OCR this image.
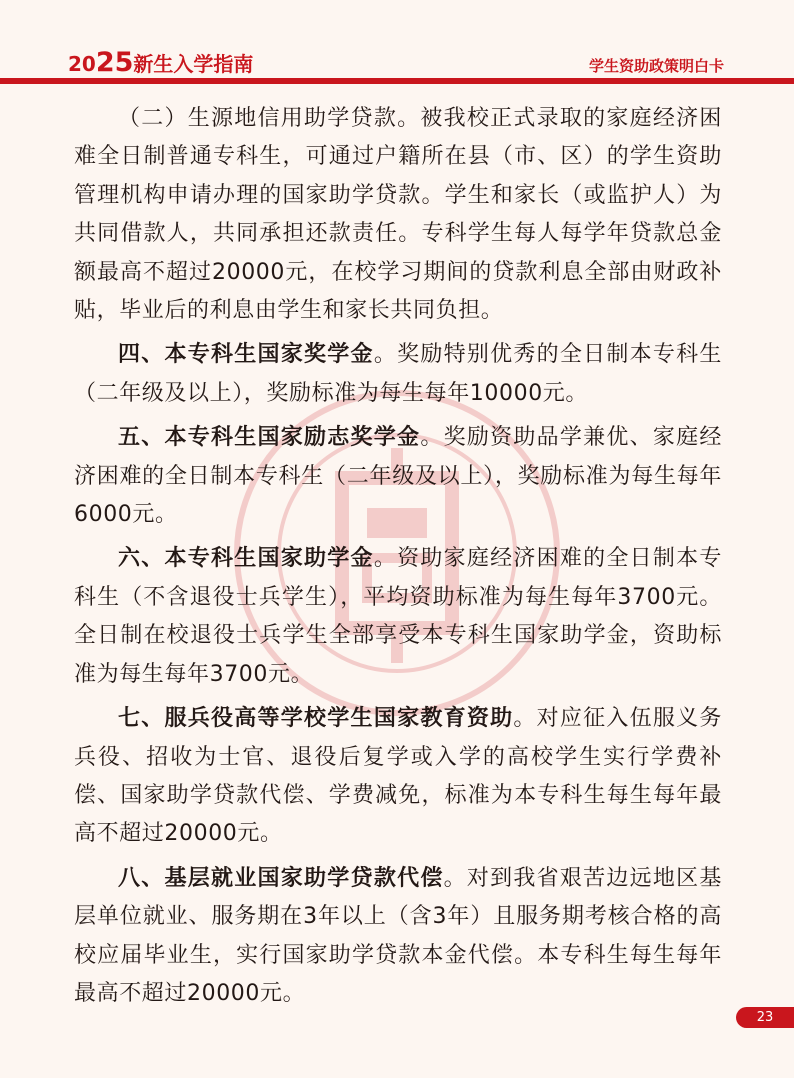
2025新生入学指南	学生资助政策明白卡

（二）生源地信用助学贷款。被我校正式录取的家庭经济困难全日制普通专科生，可通过户籍所在县（市、区）的学生资助管理机构申请办理的国家助学贷款。学生和家长（或监护人）为共同借款人，共同承担还款责任。专科学生每人每学年贷款总金额最高不超过20000元，在校学习期间的贷款利息全部由财政补贴，毕业后的利息由学生和家长共同负担。

四、本专科生国家奖学金。奖励特别优秀的全日制本专科生（二年级及以上），奖励标准为每生每年10000元。

五、本专科生国家励志奖学金。奖励资助品学兼优、家庭经济困难的全日制本专科生（二年级及以上），奖励标准为每生每年6000元。

六、本专科生国家助学金。资助家庭经济困难的全日制本专科生（不含退役士兵学生），平均资助标准为每生每年3700元。全日制在校退役士兵学生全部享受本专科生国家助学金，资助标准为每生每年3700元。

七、服兵役高等学校学生国家教育资助。对应征入伍服义务兵役、招收为士官、退役后复学或入学的高校学生实行学费补偿、国家助学贷款代偿、学费减免，标准为本专科生每生每年最高不超过20000元。

八、基层就业国家助学贷款代偿。对到我省艰苦边远地区基层单位就业、服务期在3年以上（含3年）且服务期考核合格的高校应届毕业生，实行国家助学贷款本金代偿。本专科生每生每年最高不超过20000元。

23
